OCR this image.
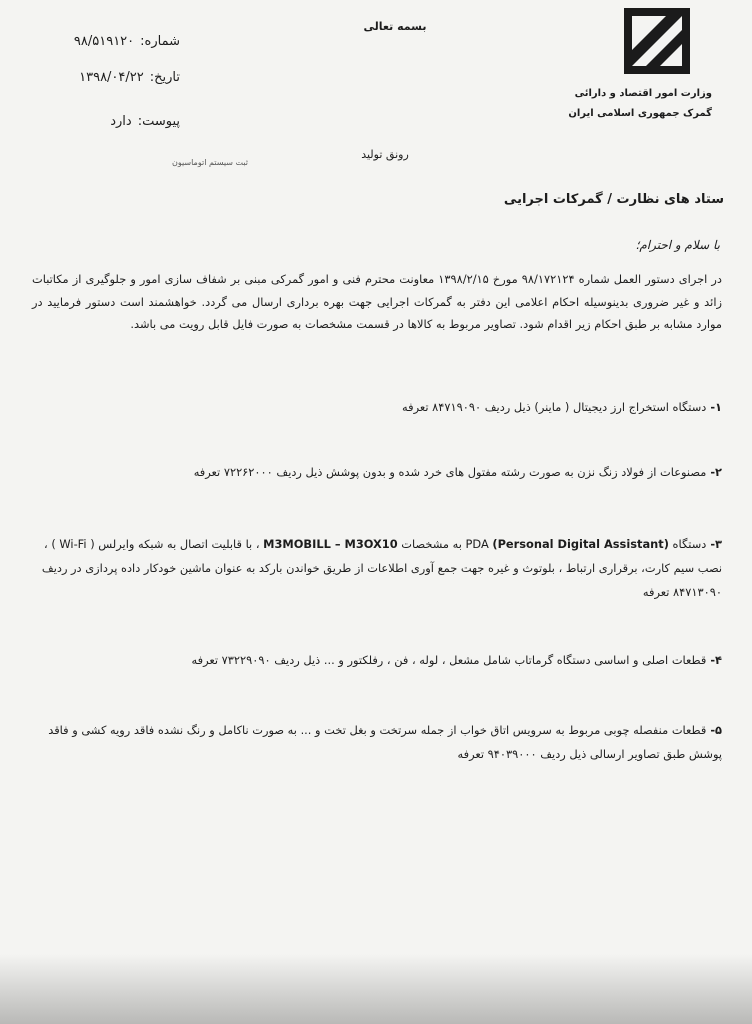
وزارت امور اقتصاد و دارائی
گمرک جمهوری اسلامی ایران
بسمه تعالی
شماره:۹۸/۵۱۹۱۲۰
تاریخ:۱۳۹۸/۰۴/۲۲
پیوست:دارد
ثبت سیستم اتوماسیون
رونق تولید
ستاد های نظارت / گمرکات اجرایی
با سلام و احترام؛

در اجرای دستور العمل شماره ۹۸/۱۷۲۱۲۴ مورخ ۱۳۹۸/۲/۱۵ معاونت محترم فنی و امور گمرکی مبنی بر شفاف سازی امور و جلوگیری از مکاتبات زائد و غیر ضروری بدینوسیله احکام اعلامی این دفتر به گمرکات اجرایی جهت بهره برداری ارسال می گردد. خواهشمند است دستور فرمایید در موارد مشابه بر طبق احکام زیر اقدام شود. تصاویر مربوط به کالاها در قسمت مشخصات به صورت فایل قابل رویت می باشد.

۱-دستگاه استخراج ارز دیجیتال ( ماینر) ذیل ردیف ۸۴۷۱۹۰۹۰ تعرفه
۲-مصنوعات از فولاد زنگ نزن به صورت رشته مفتول های خرد شده و بدون پوشش ذیل ردیف ۷۲۲۶۲۰۰۰ تعرفه
۳-دستگاه PDA (Personal Digital Assistant) به مشخصات M3MOBILL – M3OX10 ، با قابلیت اتصال به شبکه وایرلس ( Wi-Fi ) ، نصب سیم کارت، برقراری ارتباط ، بلوتوث و غیره جهت جمع آوری اطلاعات از طریق خواندن بارکد به عنوان ماشین خودکار داده پردازی در ردیف ۸۴۷۱۳۰۹۰ تعرفه
۴-قطعات اصلی و اساسی دستگاه گرماتاب شامل مشعل ، لوله ، فن ، رفلکتور و ... ذیل ردیف ۷۳۲۲۹۰۹۰ تعرفه
۵-قطعات منفصله چوبی مربوط به سرویس اتاق خواب از جمله سرتخت و بغل تخت و ... به صورت ناکامل و رنگ نشده فاقد رویه کشی و فاقد پوشش طبق تصاویر ارسالی ذیل ردیف ۹۴۰۳۹۰۰۰ تعرفه
